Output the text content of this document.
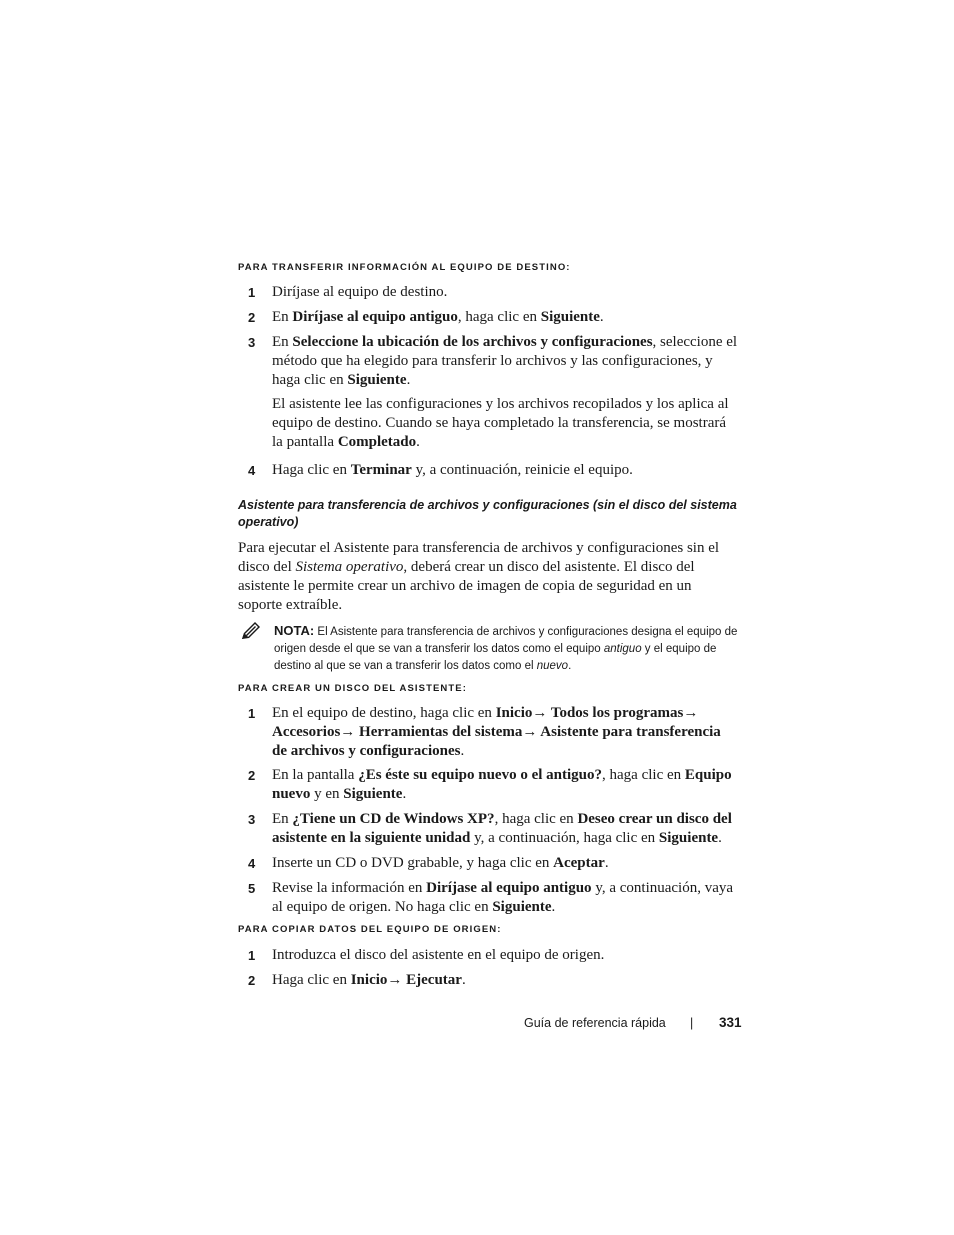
PARA TRANSFERIR INFORMACIÓN AL EQUIPO DE DESTINO:
1 Diríjase al equipo de destino.
2 En Diríjase al equipo antiguo, haga clic en Siguiente.
3 En Seleccione la ubicación de los archivos y configuraciones, seleccione el método que ha elegido para transferir lo archivos y las configuraciones, y haga clic en Siguiente.
El asistente lee las configuraciones y los archivos recopilados y los aplica al equipo de destino. Cuando se haya completado la transferencia, se mostrará la pantalla Completado.
4 Haga clic en Terminar y, a continuación, reinicie el equipo.
Asistente para transferencia de archivos y configuraciones (sin el disco del sistema operativo)
Para ejecutar el Asistente para transferencia de archivos y configuraciones sin el disco del Sistema operativo, deberá crear un disco del asistente. El disco del asistente le permite crear un archivo de imagen de copia de seguridad en un soporte extraíble.
NOTA: El Asistente para transferencia de archivos y configuraciones designa el equipo de origen desde el que se van a transferir los datos como el equipo antiguo y el equipo de destino al que se van a transferir los datos como el nuevo.
PARA CREAR UN DISCO DEL ASISTENTE:
1 En el equipo de destino, haga clic en Inicio→ Todos los programas→ Accesorios→ Herramientas del sistema→ Asistente para transferencia de archivos y configuraciones.
2 En la pantalla ¿Es éste su equipo nuevo o el antiguo?, haga clic en Equipo nuevo y en Siguiente.
3 En ¿Tiene un CD de Windows XP?, haga clic en Deseo crear un disco del asistente en la siguiente unidad y, a continuación, haga clic en Siguiente.
4 Inserte un CD o DVD grabable, y haga clic en Aceptar.
5 Revise la información en Diríjase al equipo antiguo y, a continuación, vaya al equipo de origen. No haga clic en Siguiente.
PARA COPIAR DATOS DEL EQUIPO DE ORIGEN:
1 Introduzca el disco del asistente en el equipo de origen.
2 Haga clic en Inicio→ Ejecutar.
Guía de referencia rápida | 331
